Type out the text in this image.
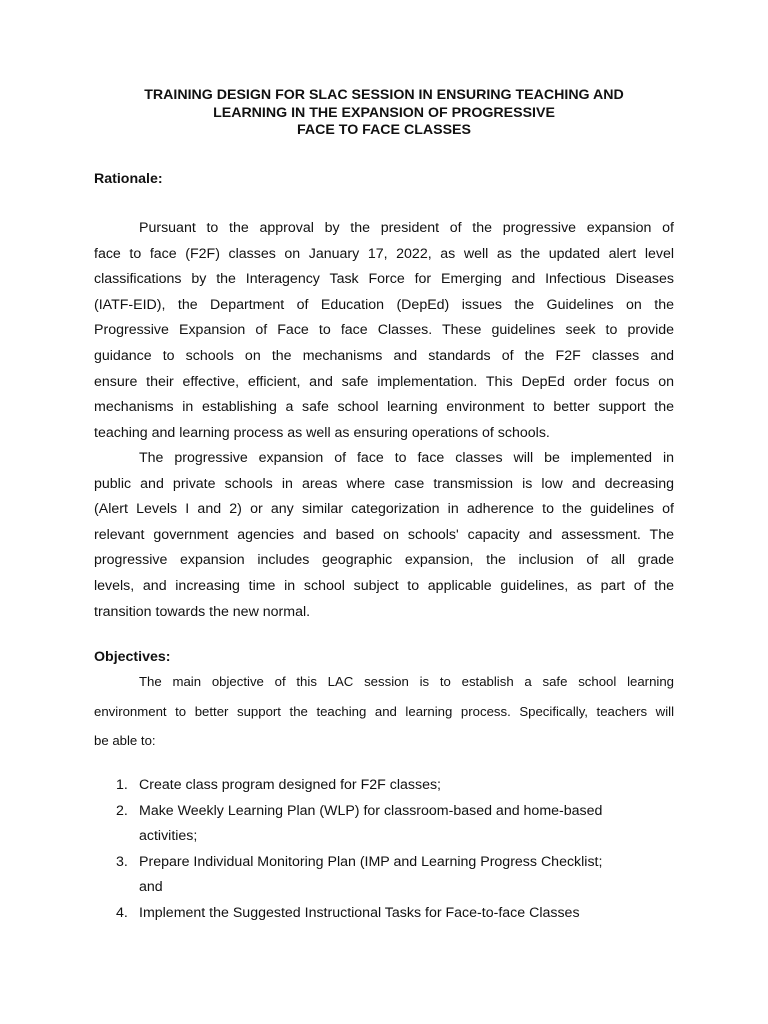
TRAINING DESIGN FOR SLAC SESSION IN ENSURING TEACHING AND
LEARNING IN THE EXPANSION OF PROGRESSIVE
FACE TO FACE CLASSES
Rationale:
Pursuant to the approval by the president of the progressive expansion of
face to face (F2F) classes on January 17, 2022, as well as the updated alert level
classifications by the Interagency Task Force for Emerging and Infectious Diseases
(IATF-EID), the Department of Education (DepEd) issues the Guidelines on the
Progressive Expansion of Face to face Classes. These guidelines seek to provide
guidance to schools on the mechanisms and standards of the F2F classes and
ensure their effective, efficient, and safe implementation. This DepEd order focus on
mechanisms in establishing a safe school learning environment to better support the
teaching and learning process as well as ensuring operations of schools.
The progressive expansion of face to face classes will be implemented in
public and private schools in areas where case transmission is low and decreasing
(Alert Levels I and 2) or any similar categorization in adherence to the guidelines of
relevant government agencies and based on schools' capacity and assessment. The
progressive expansion includes geographic expansion, the inclusion of all grade
levels, and increasing time in school subject to applicable guidelines, as part of the
transition towards the new normal.
Objectives:
The main objective of this LAC session is to establish a safe school learning
environment to better support the teaching and learning process. Specifically, teachers will
be able to:
1. Create class program designed for F2F classes;
2. Make Weekly Learning Plan (WLP) for classroom-based and home-based
activities;
3. Prepare Individual Monitoring Plan (IMP and Learning Progress Checklist;
and
4. Implement the Suggested Instructional Tasks for Face-to-face Classes
